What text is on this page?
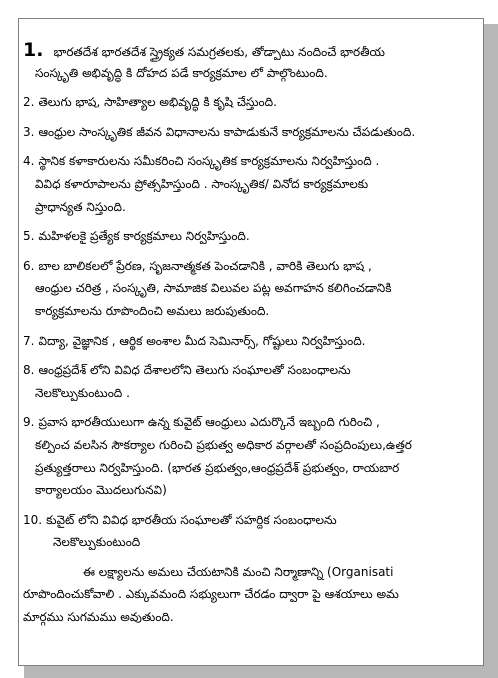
1. భారతదేశ భారతదేశ స్త్రైక్యత సమగ్రతలకు, తోడ్పాటు నందించే భారతీయ
సంస్కృతి అభివృద్ధి కి దోహద పడే కార్యక్రమాల లో పాల్గొంటుంది.
2. తెలుగు భాష, సాహిత్యాల అభివృద్ధి కి కృషి చేస్తుంది.
3. ఆంధ్రుల సాంస్కృతిక జీవన విధానాలను కాపాడుకునే కార్యక్రమాలను చేపడుతుంది.
4. స్థానిక కళాకారులను సమీకరించి సంస్కృతిక కార్యక్రమాలను నిర్వహిస్తుంది .
వివిధ కళారూపాలను ప్రోత్సహిస్తుంది . సాంస్కృతిక/ వినోద కార్యక్రమాలకు
ప్రాధాన్యత నిస్తుంది.
5. మహిళలకై ప్రత్యేక కార్యక్రమాలు నిర్వహిస్తుంది.
6. బాల బాలికలలో ప్రేరణ, సృజనాత్మకత పెంచడానికి , వారికి తెలుగు భాష ,
ఆంధ్రుల చరిత్ర , సంస్కృతి, సామాజిక విలువల పట్ల అవగాహన కలిగించడానికి
కార్యక్రమాలను రూపొందించి అమలు జరుపుతుంది.
7. విద్యా, వైజ్ఞానిక , ఆర్థిక అంశాల మీద సెమినార్స్, గోష్టులు నిర్వహిస్తుంది.
8. ఆంధ్రప్రదేశ్ లోని వివిధ దేశాలలోని తెలుగు సంఘాలతో సంబంధాలను
నెలకొల్పుకుంటుంది .
9. ప్రవాస భారతీయులుగా ఉన్న కువైట్ ఆంధ్రులు ఎదుర్కొనే ఇబ్బంది గురించి ,
కల్పించ వలసిన సౌకర్యాల గురించి ప్రభుత్వ అధికార వర్గాలతో సంప్రదింపులు,ఉత్తర
ప్రత్యుత్తరాలు నిర్వహిస్తుంది. (భారత ప్రభుత్వం,ఆంధ్రప్రదేశ్ ప్రభుత్వం, రాయబార
కార్యాలయం మొదలుగునవి)
10. కువైట్ లోని వివిధ భారతీయ సంఘాలతో సహర్దిక సంబంధాలను
నెలకొల్పుకుంటుంది
ఈ లక్ష్యాలను అమలు చేయటానికి మంచి నిర్మాణాన్ని (Organisati
రూపొందించుకోవాలి . ఎక్కువమంది సభ్యులుగా చేరడం ద్వారా పై ఆశయాలు అమ
మార్గము సుగమము అవుతుంది.
